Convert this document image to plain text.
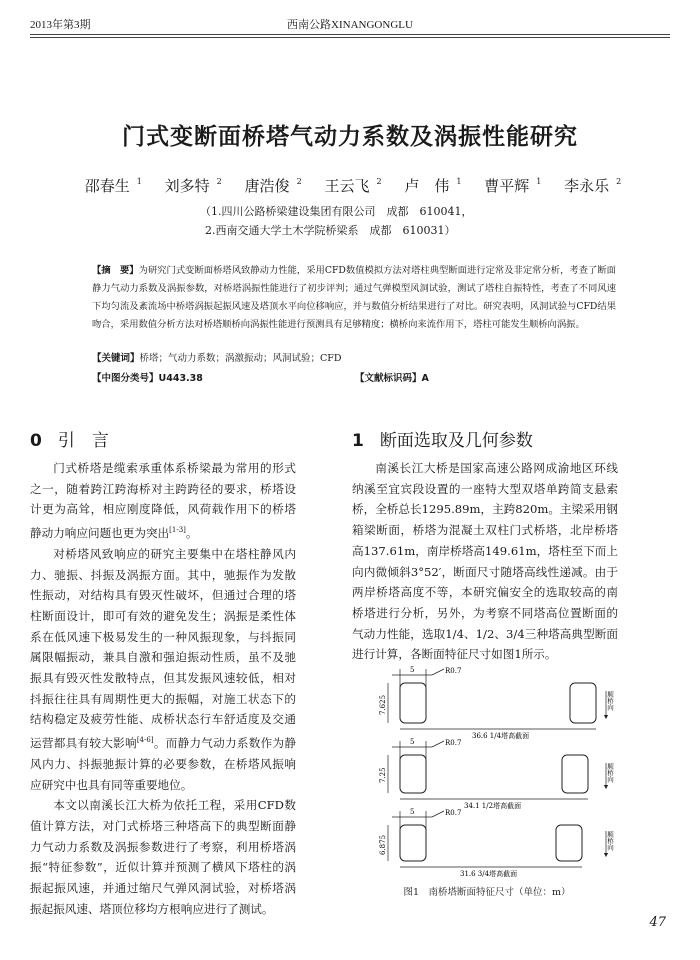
2013年第3期	西南公路XINANGONGLU
门式变断面桥塔气动力系数及涡振性能研究
邵春生 $^1$ 刘多特 $^2$ 唐浩俊 $^2$ 王云飞 $^2$ 卢　伟 $^1$ 曹平辉 $^1$ 李永乐 $^2$
（1.四川公路桥梁建设集团有限公司　成都　610041，
2.西南交通大学土木学院桥梁系　成都　610031）
【摘　要】为研究门式变断面桥塔风致静动力性能，采用CFD数值模拟方法对塔柱典型断面进行定常及非定常分析，考查了断面静力气动力系数及涡振参数，对桥塔涡振性能进行了初步评判；通过气弹模型风洞试验，测试了塔柱自振特性，考查了不同风速下均匀流及紊流场中桥塔涡振起振风速及塔顶水平向位移响应，并与数值分析结果进行了对比。研究表明，风洞试验与CFD结果吻合，采用数值分析方法对桥塔顺桥向涡振性能进行预测具有足够精度；横桥向来流作用下，塔柱可能发生顺桥向涡振。
【关键词】桥塔；气动力系数；涡激振动；风洞试验；CFD
【中图分类号】U443.38	【文献标识码】A
0 引　言	1 断面选取及几何参数

门式桥塔是缆索承重体系桥梁最为常用的形式之一，随着跨江跨海桥对主跨跨径的要求，桥塔设计更为高耸，相应刚度降低，风荷载作用下的桥塔静动力响应问题也更为突出[1-3]。

对桥塔风致响应的研究主要集中在塔柱静风内力、驰振、抖振及涡振方面。其中，驰振作为发散性振动，对结构具有毁灭性破坏，但通过合理的塔柱断面设计，即可有效的避免发生；涡振是柔性体系在低风速下极易发生的一种风振现象，与抖振同属限幅振动，兼具自激和强迫振动性质，虽不及驰振具有毁灭性发散特点，但其发振风速较低，相对抖振往往具有周期性更大的振幅，对施工状态下的结构稳定及疲劳性能、成桥状态行车舒适度及交通运营都具有较大影响[4-6]。而静力气动力系数作为静风内力、抖振驰振计算的必要参数，在桥塔风振响应研究中也具有同等重要地位。

本文以南溪长江大桥为依托工程，采用CFD数值计算方法，对门式桥塔三种塔高下的典型断面静力气动力系数及涡振参数进行了考察，利用桥塔涡振“特征参数”，近似计算并预测了横风下塔柱的涡振起振风速，并通过缩尺气弹风洞试验，对桥塔涡振起振风速、塔顶位移均方根响应进行了测试。

南溪长江大桥是国家高速公路网成渝地区环线纳溪至宜宾段设置的一座特大型双塔单跨简支悬索桥，全桥总长1295.89m，主跨820m。主梁采用钢箱梁断面，桥塔为混凝土双柱门式桥塔，北岸桥塔高137.61m，南岸桥塔高149.61m，塔柱至下而上向内微倾斜3°52′，断面尺寸随塔高线性递减。由于两岸桥塔高度不等，本研究偏安全的选取较高的南桥塔进行分析，另外，为考察不同塔高位置断面的气动力性能，选取1/4、1/2、3/4三种塔高典型断面进行计算，各断面特征尺寸如图1所示。

5	R0.7
7.625
36.6 1/4塔高截面
顺桥向
5	R0.7
7.25
34.1 1/2塔高截面
顺桥向
5	R0.7
6.875
31.6 3/4塔高截面
顺桥向
图1　南桥塔断面特征尺寸（单位：m）
47
